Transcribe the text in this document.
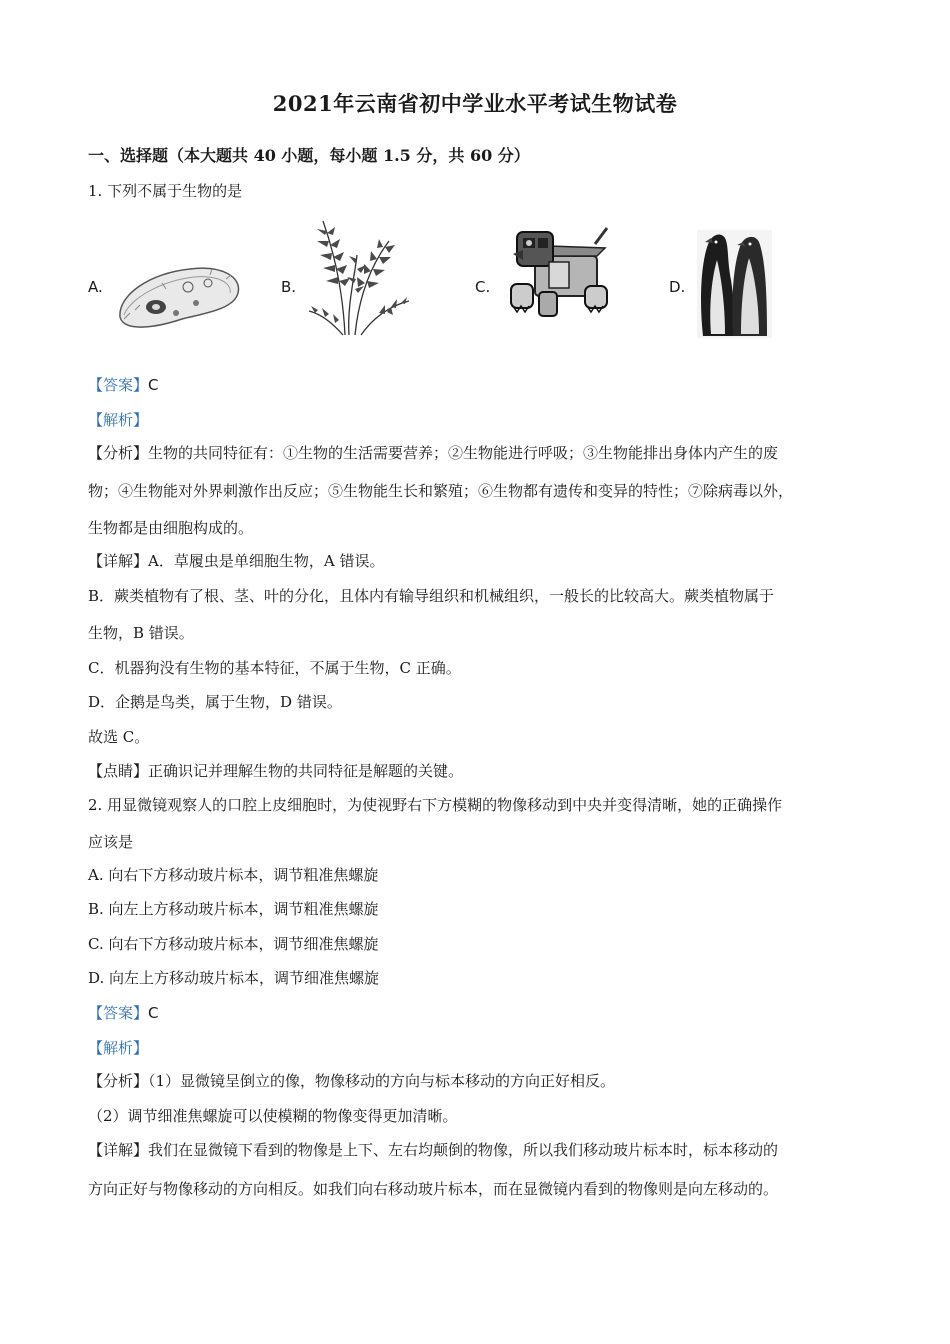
2021年云南省初中学业水平考试生物试卷
一、选择题（本大题共 40 小题，每小题 1.5 分，共 60 分）
1. 下列不属于生物的是
A.	B.	C.	D.
【答案】C
【解析】
【分析】生物的共同特征有：①生物的生活需要营养；②生物能进行呼吸；③生物能排出身体内产生的废
物；④生物能对外界刺激作出反应；⑤生物能生长和繁殖；⑥生物都有遗传和变异的特性；⑦除病毒以外，
生物都是由细胞构成的。
【详解】A．草履虫是单细胞生物，A 错误。
B．蕨类植物有了根、茎、叶的分化，且体内有输导组织和机械组织，一般长的比较高大。蕨类植物属于
生物，B 错误。
C．机器狗没有生物的基本特征，不属于生物，C 正确。
D．企鹅是鸟类，属于生物，D 错误。
故选 C。
【点睛】正确识记并理解生物的共同特征是解题的关键。
2. 用显微镜观察人的口腔上皮细胞时，为使视野右下方模糊的物像移动到中央并变得清晰，她的正确操作
应该是
A. 向右下方移动玻片标本，调节粗准焦螺旋
B. 向左上方移动玻片标本，调节粗准焦螺旋
C. 向右下方移动玻片标本，调节细准焦螺旋
D. 向左上方移动玻片标本，调节细准焦螺旋
【答案】C
【解析】
【分析】（1）显微镜呈倒立的像，物像移动的方向与标本移动的方向正好相反。
（2）调节细准焦螺旋可以使模糊的物像变得更加清晰。
【详解】我们在显微镜下看到的物像是上下、左右均颠倒的物像，所以我们移动玻片标本时，标本移动的
方向正好与物像移动的方向相反。如我们向右移动玻片标本，而在显微镜内看到的物像则是向左移动的。
